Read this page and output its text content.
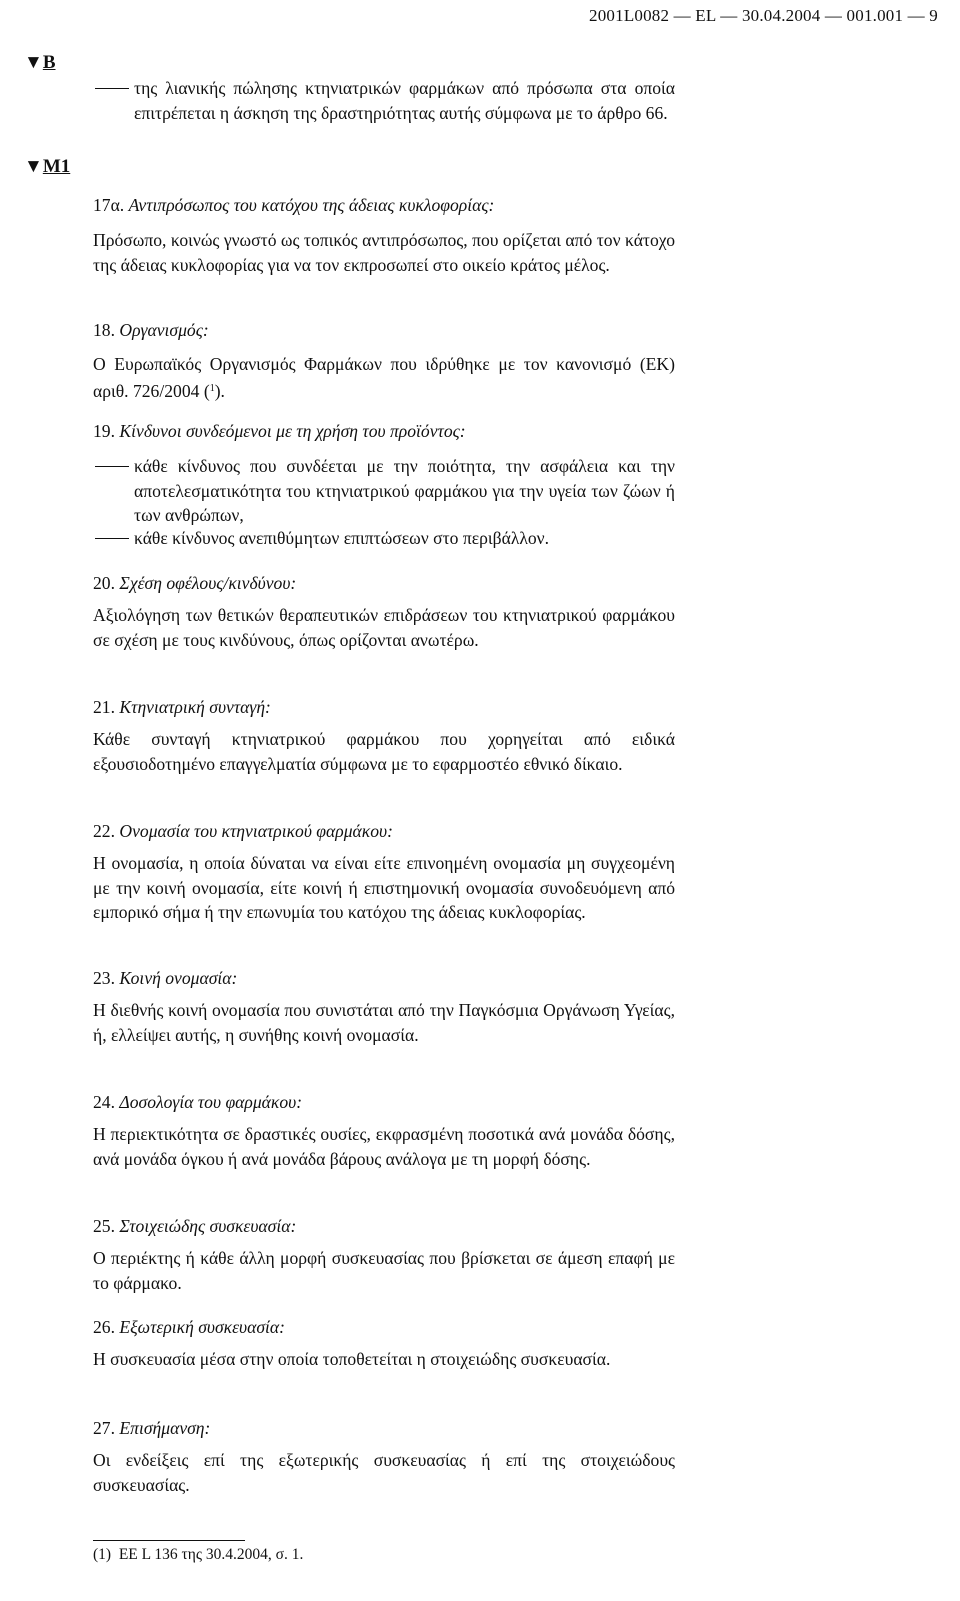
2001L0082 — EL — 30.04.2004 — 001.001 — 9
▼B
▼M1
της λιανικής πώλησης κτηνιατρικών φαρμάκων από πρόσωπα στα οποία επιτρέπεται η άσκηση της δραστηριότητας αυτής σύμφωνα με το άρθρο 66.
17α. Αντιπρόσωπος του κατόχου της άδειας κυκλοφορίας:
Πρόσωπο, κοινώς γνωστό ως τοπικός αντιπρόσωπος, που ορίζεται από τον κάτοχο της άδειας κυκλοφορίας για να τον εκπροσωπεί στο οικείο κράτος μέλος.
18. Οργανισμός:
Ο Ευρωπαϊκός Οργανισμός Φαρμάκων που ιδρύθηκε με τον κανονισμό (ΕΚ) αριθ. 726/2004 ($^1$).
19. Κίνδυνοι συνδεόμενοι με τη χρήση του προϊόντος:
κάθε κίνδυνος που συνδέεται με την ποιότητα, την ασφάλεια και την αποτελεσματικότητα του κτηνιατρικού φαρμάκου για την υγεία των ζώων ή των ανθρώπων,
κάθε κίνδυνος ανεπιθύμητων επιπτώσεων στο περιβάλλον.
20. Σχέση οφέλους/κινδύνου:
Αξιολόγηση των θετικών θεραπευτικών επιδράσεων του κτηνιατρικού φαρμάκου σε σχέση με τους κινδύνους, όπως ορίζονται ανωτέρω.
21. Κτηνιατρική συνταγή:
Κάθε συνταγή κτηνιατρικού φαρμάκου που χορηγείται από ειδικά εξουσιοδοτημένο επαγγελματία σύμφωνα με το εφαρμοστέο εθνικό δίκαιο.
22. Ονομασία του κτηνιατρικού φαρμάκου:
Η ονομασία, η οποία δύναται να είναι είτε επινοημένη ονομασία μη συγχεομένη με την κοινή ονομασία, είτε κοινή ή επιστημονική ονομασία συνοδευόμενη από εμπορικό σήμα ή την επωνυμία του κατόχου της άδειας κυκλοφορίας.
23. Κοινή ονομασία:
Η διεθνής κοινή ονομασία που συνιστάται από την Παγκόσμια Οργάνωση Υγείας, ή, ελλείψει αυτής, η συνήθης κοινή ονομασία.
24. Δοσολογία του φαρμάκου:
Η περιεκτικότητα σε δραστικές ουσίες, εκφρασμένη ποσοτικά ανά μονάδα δόσης, ανά μονάδα όγκου ή ανά μονάδα βάρους ανάλογα με τη μορφή δόσης.
25. Στοιχειώδης συσκευασία:
Ο περιέκτης ή κάθε άλλη μορφή συσκευασίας που βρίσκεται σε άμεση επαφή με το φάρμακο.
26. Εξωτερική συσκευασία:
Η συσκευασία μέσα στην οποία τοποθετείται η στοιχειώδης συσκευασία.
27. Επισήμανση:
Οι ενδείξεις επί της εξωτερικής συσκευασίας ή επί της στοιχειώδους συσκευασίας.
(1) ΕΕ L 136 της 30.4.2004, σ. 1.
